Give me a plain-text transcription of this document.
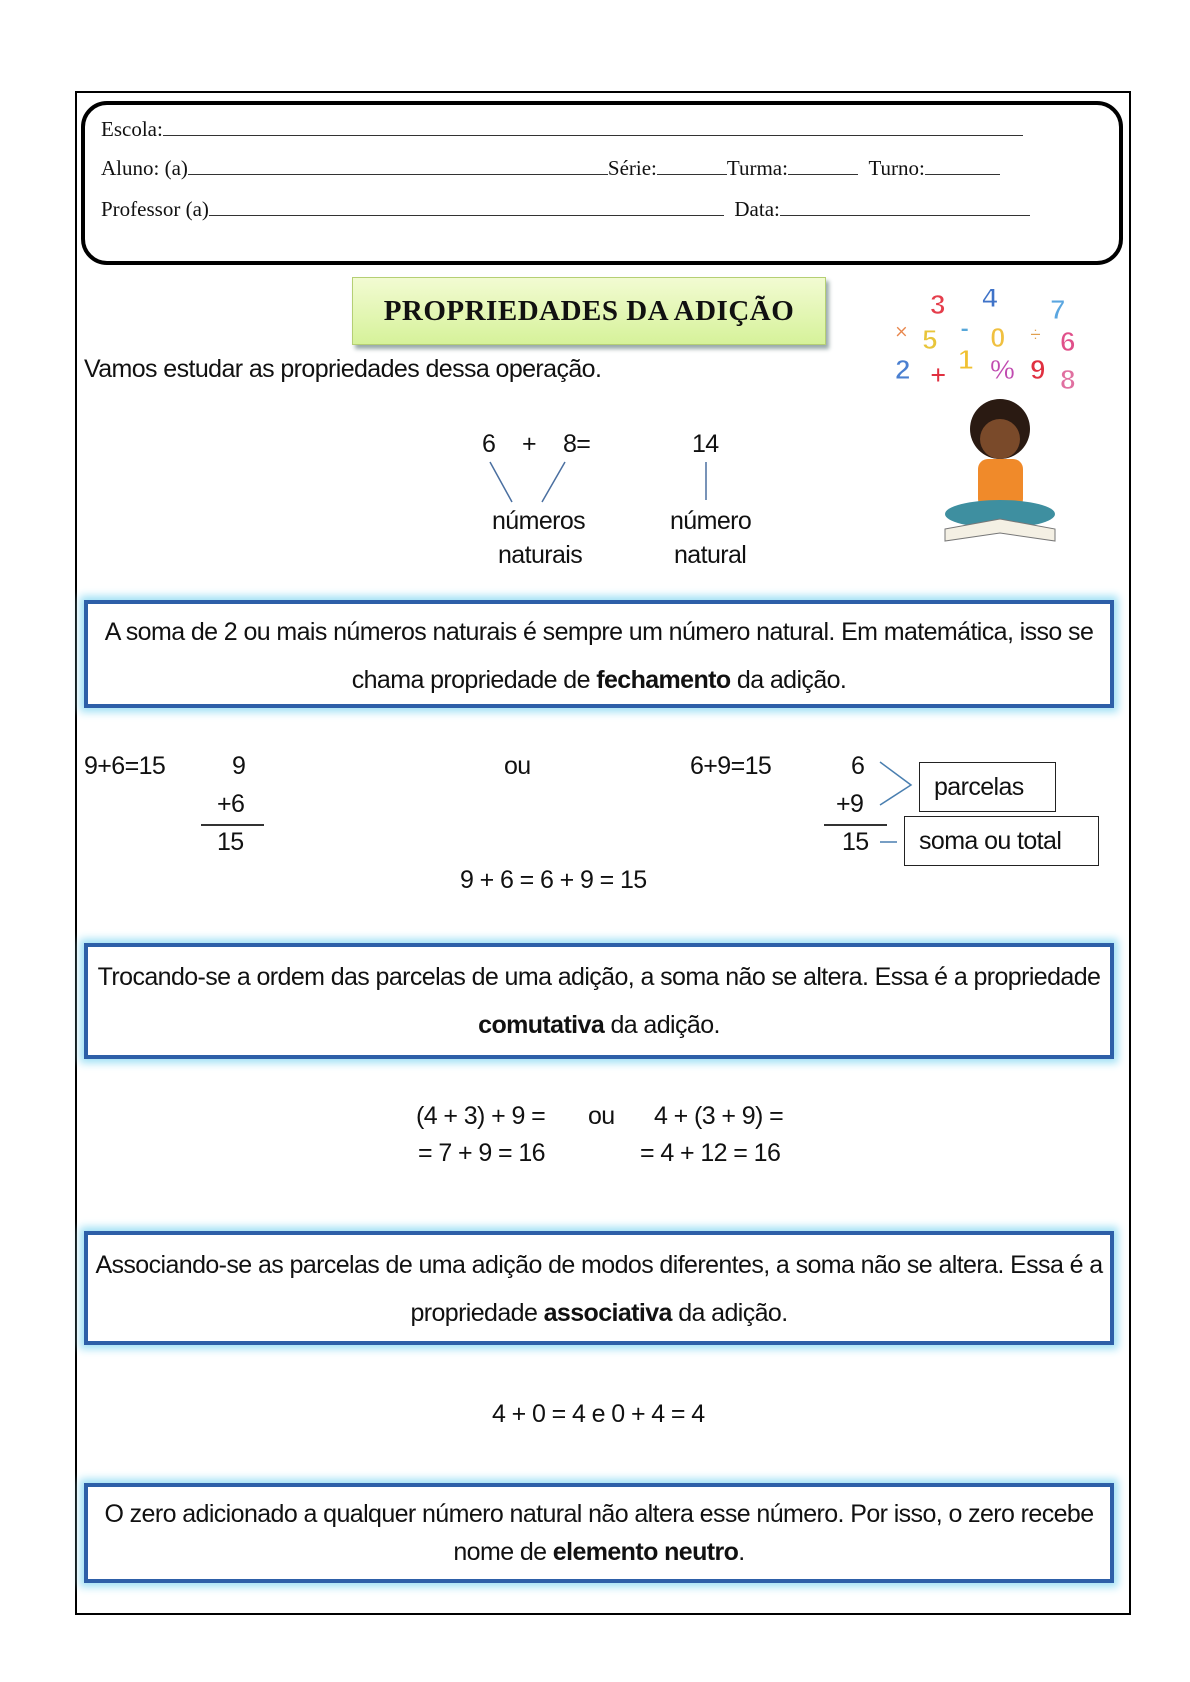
Escola:
Aluno: (a)	Série:	Turma:	Turno:
Professor (a)	Data:
PROPRIEDADES DA ADIÇÃO
Vamos estudar as propriedades dessa operação.
3 4 7
× 5 - 0 ÷ 6
2 + 1 % 9 8
6 + 8=	14
números
naturais
número
natural
A soma de 2 ou mais números naturais é sempre um número natural. Em matemática, isso se chama propriedade de fechamento da adição.
9+6=15	9
+6
15
ou	6+9=15	6
+9
15
parcelas
soma ou total
9 + 6 = 6 + 9 = 15
Trocando-se a ordem das parcelas de uma adição, a soma não se altera. Essa é a propriedade comutativa da adição.
(4 + 3) + 9 =
= 7 + 9 = 16
ou 4 + (3 + 9) =
= 4 + 12 = 16
Associando-se as parcelas de uma adição de modos diferentes, a soma não se altera. Essa é a propriedade associativa da adição.
4 + 0 = 4 e 0 + 4 = 4
O zero adicionado a qualquer número natural não altera esse número. Por isso, o zero recebe nome de elemento neutro.
